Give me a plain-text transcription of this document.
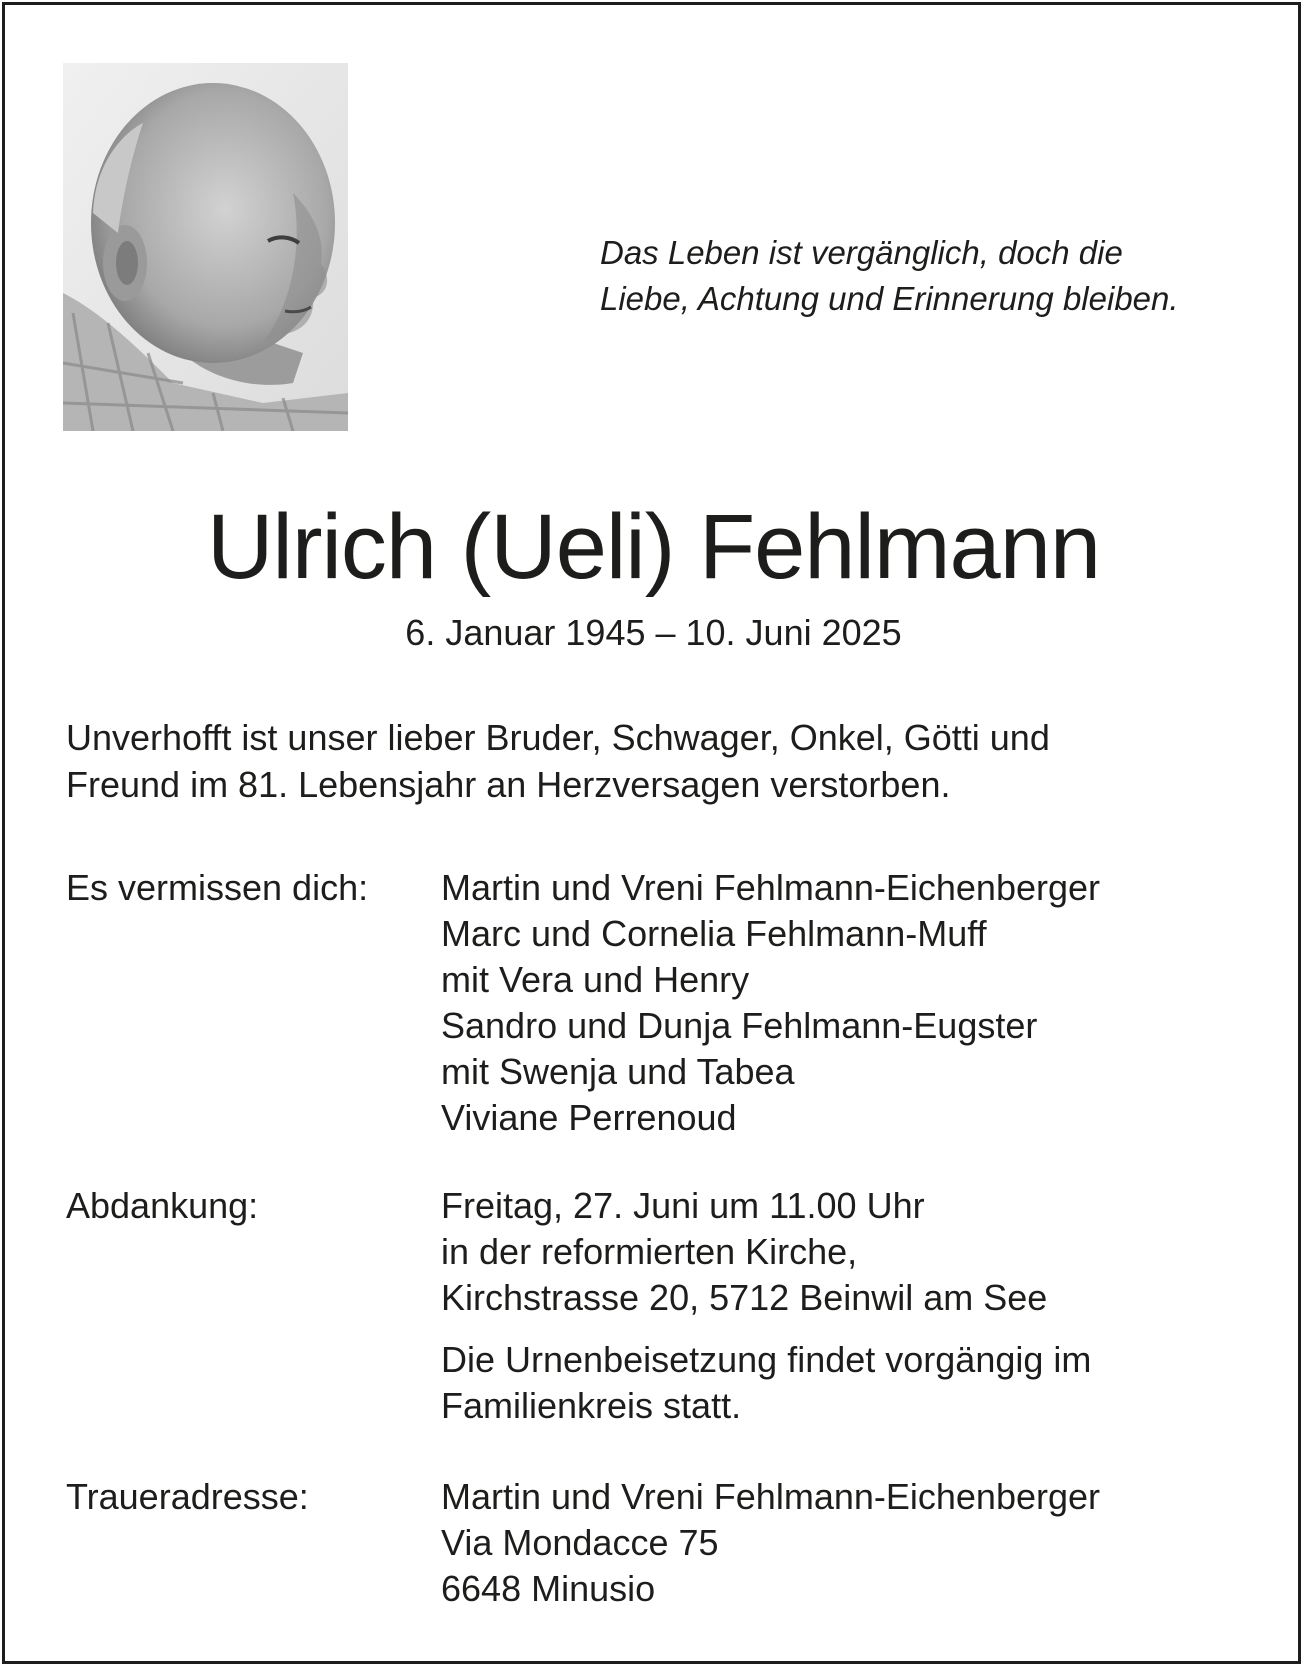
Das Leben ist vergänglich, doch die
Liebe, Achtung und Erinnerung bleiben.
Ulrich (Ueli) Fehlmann
6. Januar 1945 – 10. Juni 2025
Unverhofft ist unser lieber Bruder, Schwager, Onkel, Götti und
Freund im 81. Lebensjahr an Herzversagen verstorben.
Es vermissen dich: Martin und Vreni Fehlmann-Eichenberger
Marc und Cornelia Fehlmann-Muff
mit Vera und Henry
Sandro und Dunja Fehlmann-Eugster
mit Swenja und Tabea
Viviane Perrenoud
Abdankung:	Freitag, 27. Juni um 11.00 Uhr
in der reformierten Kirche,
Kirchstrasse 20, 5712 Beinwil am See
Die Urnenbeisetzung findet vorgängig im
Familienkreis statt.
Traueradresse:	Martin und Vreni Fehlmann-Eichenberger
Via Mondacce 75
6648 Minusio
